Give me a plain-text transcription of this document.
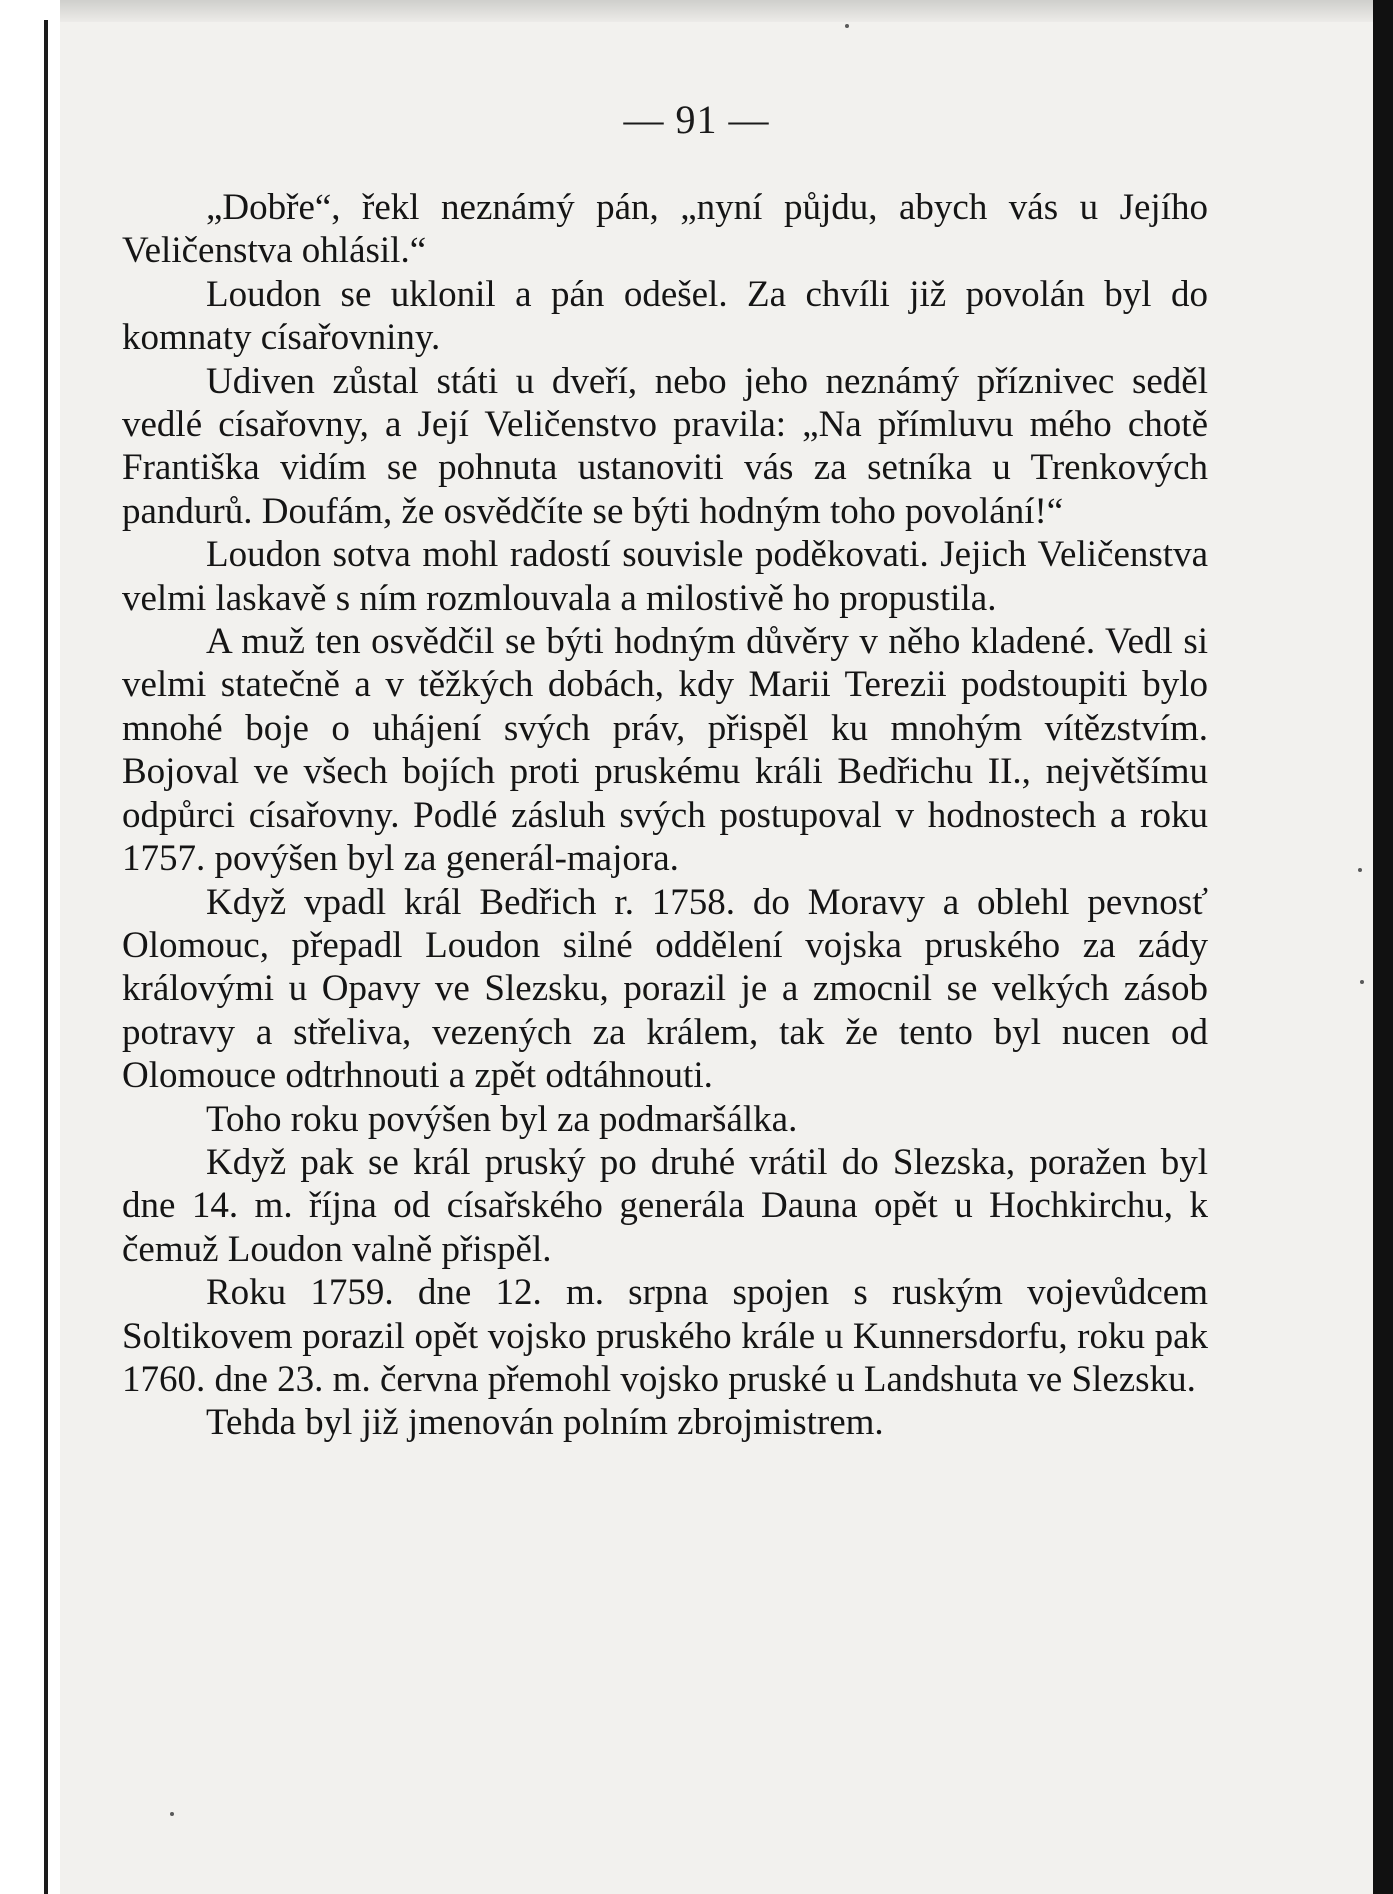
— 91 —

„Dobře“, řekl neznámý pán, „nyní půjdu, abych vás u Jejího Veličenstva ohlásil.“

Loudon se uklonil a pán odešel. Za chvíli již povolán byl do komnaty císařovniny.

Udiven zůstal státi u dveří, nebo jeho neznámý příznivec seděl vedlé císařovny, a Její Veličenstvo pravila: „Na přímluvu mého chotě Františka vidím se pohnuta ustanoviti vás za setníka u Trenkových pandurů. Doufám, že osvědčíte se býti hodným toho povolání!“

Loudon sotva mohl radostí souvisle poděkovati. Jejich Veličenstva velmi laskavě s ním rozmlouvala a milostivě ho propustila.

A muž ten osvědčil se býti hodným důvěry v něho kladené. Vedl si velmi statečně a v těžkých dobách, kdy Marii Terezii podstoupiti bylo mnohé boje o uhájení svých práv, přispěl ku mnohým vítězstvím. Bojoval ve všech bojích proti pruskému králi Bedřichu II., největšímu odpůrci císařovny. Podlé zásluh svých postupoval v hodnostech a roku 1757. povýšen byl za generál-majora.

Když vpadl král Bedřich r. 1758. do Moravy a oblehl pevnosť Olomouc, přepadl Loudon silné oddělení vojska pruského za zády královými u Opavy ve Slezsku, porazil je a zmocnil se velkých zásob potravy a střeliva, vezených za králem, tak že tento byl nucen od Olomouce odtrhnouti a zpět odtáhnouti.

Toho roku povýšen byl za podmaršálka.

Když pak se král pruský po druhé vrátil do Slezska, poražen byl dne 14. m. října od císařského generála Dauna opět u Hochkirchu, k čemuž Loudon valně přispěl.

Roku 1759. dne 12. m. srpna spojen s ruským vojevůdcem Soltikovem porazil opět vojsko pruského krále u Kunnersdorfu, roku pak 1760. dne 23. m. června přemohl vojsko pruské u Landshuta ve Slezsku.

Tehda byl již jmenován polním zbrojmistrem.
